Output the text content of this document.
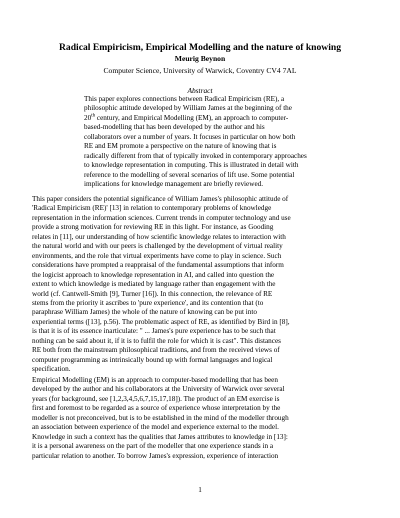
Radical Empiricism, Empirical Modelling and the nature of knowing
Meurig Beynon
Computer Science, University of Warwick, Coventry CV4 7AL
Abstract
This paper explores connections between Radical Empiricism (RE), a
philosophic attitude developed by William James at the beginning of the
20th century, and Empirical Modelling (EM), an approach to computer-
based-modelling that has been developed by the author and his
collaborators over a number of years. It focuses in particular on how both
RE and EM promote a perspective on the nature of knowing that is
radically different from that of typically invoked in contemporary approaches
to knowledge representation in computing. This is illustrated in detail with
reference to the modelling of several scenarios of lift use. Some potential
implications for knowledge management are briefly reviewed.
This paper considers the potential significance of William James's philosophic attitude of
'Radical Empiricism (RE)' [13] in relation to contemporary problems of knowledge
representation in the information sciences. Current trends in computer technology and use
provide a strong motivation for reviewing RE in this light. For instance, as Gooding
relates in [11], our understanding of how scientific knowledge relates to interaction with
the natural world and with our peers is challenged by the development of virtual reality
environments, and the role that virtual experiments have come to play in science. Such
considerations have prompted a reappraisal of the fundamental assumptions that inform
the logicist approach to knowledge representation in AI, and called into question the
extent to which knowledge is mediated by language rather than engagement with the
world (cf. Cantwell-Smith [9], Turner [16]). In this connection, the relevance of RE
stems from the priority it ascribes to 'pure experience', and its contention that (to
paraphrase William James) the whole of the nature of knowing can be put into
experiential terms ([13], p.56). The problematic aspect of RE, as identified by Bird in [8],
is that it is of its essence inarticulate: " ... James's pure experience has to be such that
nothing can be said about it, if it is to fulfil the role for which it is cast". This distances
RE both from the mainstream philosophical traditions, and from the received views of
computer programming as intrinsically bound up with formal languages and logical
specification.
Empirical Modelling (EM) is an approach to computer-based modelling that has been
developed by the author and his collaborators at the University of Warwick over several
years (for background, see [1,2,3,4,5,6,7,15,17,18]). The product of an EM exercise is
first and foremost to be regarded as a source of experience whose interpretation by the
modeller is not preconceived, but is to be established in the mind of the modeller through
an association between experience of the model and experience external to the model.
Knowledge in such a context has the qualities that James attributes to knowledge in [13]:
it is a personal awareness on the part of the modeller that one experience stands in a
particular relation to another. To borrow James's expression, experience of interaction
1
